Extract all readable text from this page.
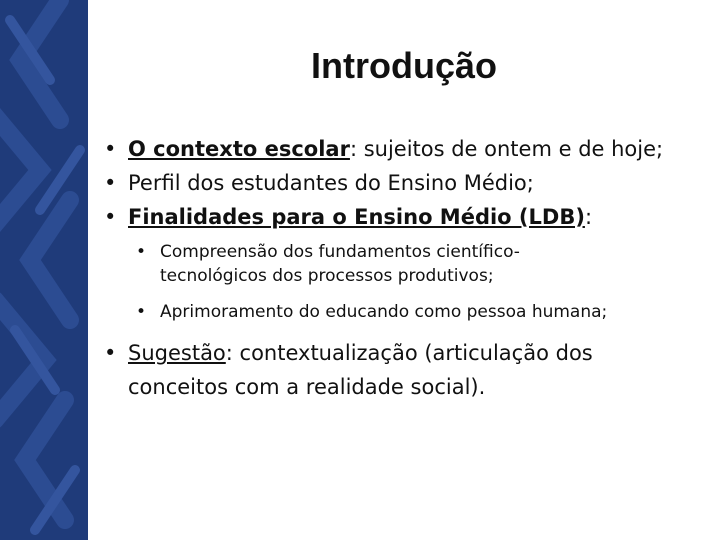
Introdução
• O contexto escolar: sujeitos de ontem e de hoje;
• Perfil dos estudantes do Ensino Médio;
• Finalidades para o Ensino Médio (LDB):
• Compreensão dos fundamentos científico-
tecnológicos dos processos produtivos;
• Aprimoramento do educando como pessoa humana;
• Sugestão: contextualização (articulação dos
conceitos com a realidade social).
